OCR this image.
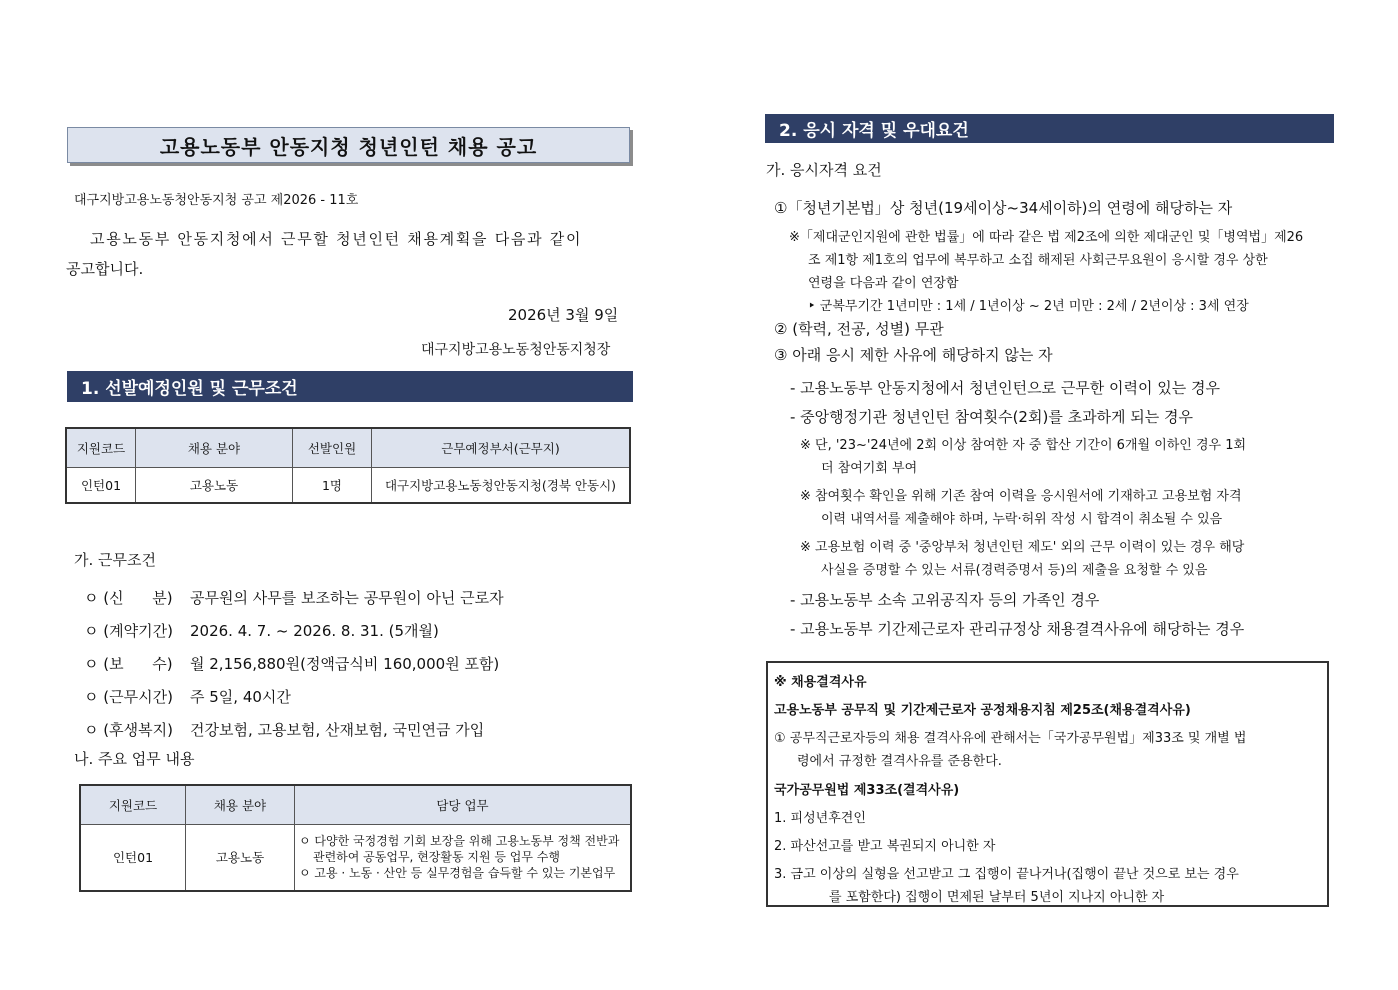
고용노동부 안동지청 청년인턴 채용 공고
대구지방고용노동청안동지청 공고 제2026 - 11호
고용노동부 안동지청에서 근무할 청년인턴 채용계획을 다음과 같이
공고합니다.
2026년 3월 9일
대구지방고용노동청안동지청장
1. 선발예정인원 및 근무조건
지원코드	채용 분야	선발인원	근무예정부서(근무지)
인턴01	고용노동	1명	대구지방고용노동청안동지청(경북 안동시)
가. 근무조건
ㅇ (신      분) 공무원의 사무를 보조하는 공무원이 아닌 근로자
ㅇ (계약기간) 2026. 4. 7. ~ 2026. 8. 31. (5개월)
ㅇ (보      수) 월 2,156,880원(정액급식비 160,000원 포함)
ㅇ (근무시간) 주 5일, 40시간
ㅇ (후생복지) 건강보험, 고용보험, 산재보험, 국민연금 가입
나. 주요 업무 내용
지원코드	채용 분야	담당 업무
인턴01	고용노동	ㅇ 다양한 국정경험 기회 보장을 위해 고용노동부 정책 전반과
관련하여 공동업무, 현장활동 지원 등 업무 수행
ㅇ 고용 · 노동 · 산안 등 실무경험을 습득할 수 있는 기본업무
2. 응시 자격 및 우대요건
가. 응시자격 요건
①「청년기본법」상 청년(19세이상~34세이하)의 연령에 해당하는 자
※「제대군인지원에 관한 법률」에 따라 같은 법 제2조에 의한 제대군인 및「병역법」제26
조 제1항 제1호의 업무에 복무하고 소집 해제된 사회근무요원이 응시할 경우 상한
연령을 다음과 같이 연장함
‣ 군복무기간 1년미만 : 1세 / 1년이상 ~ 2년 미만 : 2세 / 2년이상 : 3세 연장
② (학력, 전공, 성별) 무관
③ 아래 응시 제한 사유에 해당하지 않는 자
- 고용노동부 안동지청에서 청년인턴으로 근무한 이력이 있는 경우
- 중앙행정기관 청년인턴 참여횟수(2회)를 초과하게 되는 경우
※ 단, '23~'24년에 2회 이상 참여한 자 중 합산 기간이 6개월 이하인 경우 1회
더 참여기회 부여
※ 참여횟수 확인을 위해 기존 참여 이력을 응시원서에 기재하고 고용보험 자격
이력 내역서를 제출해야 하며, 누락·허위 작성 시 합격이 취소될 수 있음
※ 고용보험 이력 중 '중앙부처 청년인턴 제도' 외의 근무 이력이 있는 경우 해당
사실을 증명할 수 있는 서류(경력증명서 등)의 제출을 요청할 수 있음
- 고용노동부 소속 고위공직자 등의 가족인 경우
- 고용노동부 기간제근로자 관리규정상 채용결격사유에 해당하는 경우
※ 채용결격사유
고용노동부 공무직 및 기간제근로자 공정채용지침 제25조(채용결격사유)
① 공무직근로자등의 채용 결격사유에 관해서는「국가공무원법」제33조 및 개별 법
령에서 규정한 결격사유를 준용한다.
국가공무원법 제33조(결격사유)
1. 피성년후견인
2. 파산선고를 받고 복권되지 아니한 자
3. 금고 이상의 실형을 선고받고 그 집행이 끝나거나(집행이 끝난 것으로 보는 경우
를 포함한다) 집행이 면제된 날부터 5년이 지나지 아니한 자
